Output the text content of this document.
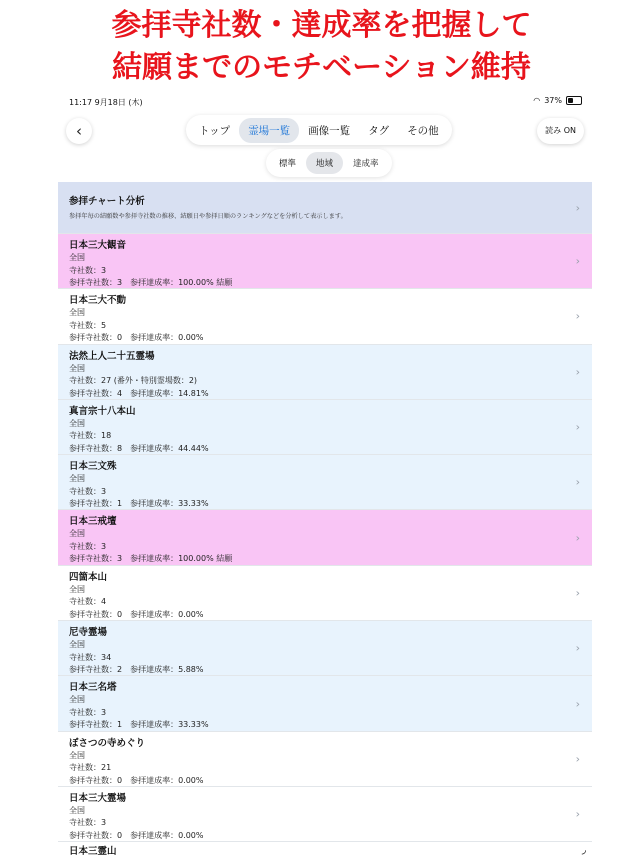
参拝寺社数・達成率を把握して
結願までのモチベーション維持
11:17 9月18日 (木)	◠ 37%
‹	トップ	霊場一覧	画像一覧	タグ	その他	読み ON
標準	地域	達成率
参拝チャート分析
参拝年毎の結願数や参拝寺社数の推移、結願日や参拝日順のランキングなどを分析して表示します。
›
日本三大観音
全国
寺社数：3
参拝寺社数：3　参拝達成率：100.00% 結願
›
日本三大不動
全国
寺社数：5
参拝寺社数：0　参拝達成率：0.00%
›
法然上人二十五霊場
全国
寺社数：27 (番外・特別霊場数：2)
参拝寺社数：4　参拝達成率：14.81%
›
真言宗十八本山
全国
寺社数：18
参拝寺社数：8　参拝達成率：44.44%
›
日本三文殊
全国
寺社数：3
参拝寺社数：1　参拝達成率：33.33%
›
日本三戒壇
全国
寺社数：3
参拝寺社数：3　参拝達成率：100.00% 結願
›
四箇本山
全国
寺社数：4
参拝寺社数：0　参拝達成率：0.00%
›
尼寺霊場
全国
寺社数：34
参拝寺社数：2　参拝達成率：5.88%
›
日本三名塔
全国
寺社数：3
参拝寺社数：1　参拝達成率：33.33%
›
ぼさつの寺めぐり
全国
寺社数：21
参拝寺社数：0　参拝達成率：0.00%
›
日本三大霊場
全国
寺社数：3
参拝寺社数：0　参拝達成率：0.00%
›
日本三霊山	◞
